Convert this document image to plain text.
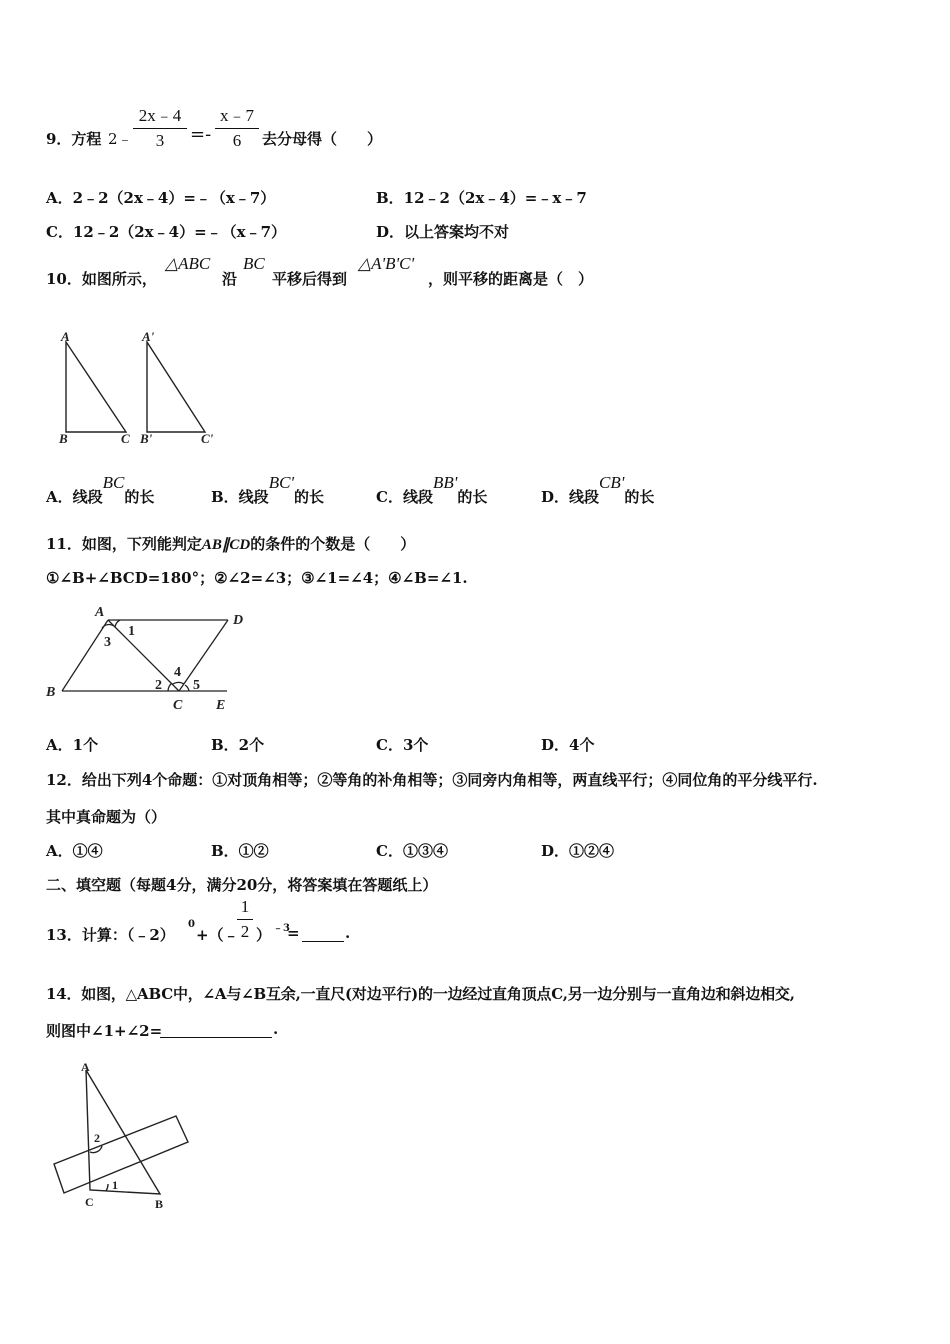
9．方程 2﹣
2x﹣4
3	=-
x﹣7
6	去分母得（　　）
A．2﹣2（2x﹣4）=﹣（x﹣7）	B．12﹣2（2x﹣4）=﹣x﹣7
C．12﹣2（2x﹣4）=﹣（x﹣7）	D．以上答案均不对
10．如图所示，
△ABC
沿
BC
平移后得到
△A'B'C'
，则平移的距离是（　）
A
B	C
A'
B'	C'
A．线段BC的长	B．线段BC'的长	C．线段BB'的长	D．线段CB'的长
11．如图，下列能判定AB∥CD的条件的个数是（　　）
①∠B+∠BCD=180°；②∠2=∠3；③∠1=∠4；④∠B=∠1.
A
D
1
3
4
2 5
B
C E
A．1个	B．2个	C．3个	D．4个
12．给出下列4个命题：①对顶角相等；②等角的补角相等；③同旁内角相等，两直线平行；④同位角的平分线平行.
其中真命题为（）
A．①④	B．①②	C．①③④	D．①②④
二、填空题（每题4分，满分20分，将答案填在答题纸上）
13．计算：（﹣2）
0
+（﹣
1
2 ） ﹣3
=	.
14．如图，△ABC中，∠A与∠B互余,一直尺(对边平行)的一边经过直角顶点C,另一边分别与一直角边和斜边相交,
则图中∠1+∠2=	.
A
2
1
C	B
